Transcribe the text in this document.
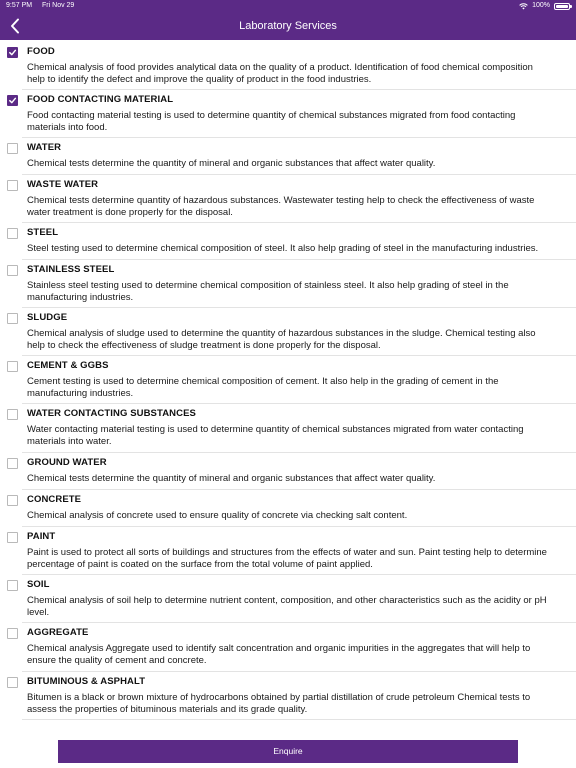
9:57 PM Fri Nov 29	100%
Laboratory Services
FOOD
Chemical analysis of food provides analytical data on the quality of a product. Identification of food chemical composition help to identify the defect and improve the quality of product in the food industries.
FOOD CONTACTING MATERIAL
Food contacting material testing is used to determine quantity of chemical substances migrated from food contacting materials into food.
WATER
Chemical tests determine the quantity of mineral and organic substances that affect water quality.
WASTE WATER
Chemical tests determine quantity of hazardous substances. Wastewater testing help to check the effectiveness of waste water treatment is done properly for the disposal.
STEEL
Steel testing used to determine chemical composition of steel. It also help grading of steel in the manufacturing industries.
STAINLESS STEEL
Stainless steel testing used to determine chemical composition of stainless steel. It also help grading of steel in the manufacturing industries.
SLUDGE
Chemical analysis of sludge used to determine the quantity of hazardous substances in the sludge. Chemical testing also help to check the effectiveness of sludge treatment is done properly for the disposal.
CEMENT & GGBS
Cement testing is used to determine chemical composition of cement. It also help in the grading of cement in the manufacturing industries.
WATER CONTACTING SUBSTANCES
Water contacting material testing is used to determine quantity of chemical substances migrated from water contacting materials into water.
GROUND WATER
Chemical tests determine the quantity of mineral and organic substances that affect water quality.
CONCRETE
Chemical analysis of concrete used to ensure quality of concrete via checking salt content.
PAINT
Paint is used to protect all sorts of buildings and structures from the effects of water and sun. Paint testing help to determine percentage of paint is coated on the surface from the total volume of paint applied.
SOIL
Chemical analysis of soil help to determine nutrient content, composition, and other characteristics such as the acidity or pH level.
AGGREGATE
Chemical analysis Aggregate used to identify salt concentration and organic impurities in the aggregates that will help to ensure the quality of cement and concrete.
BITUMINOUS & ASPHALT
Bitumen is a black or brown mixture of hydrocarbons obtained by partial distillation of crude petroleum Chemical tests to assess the properties of bituminous materials and its grade quality.
Enquire
